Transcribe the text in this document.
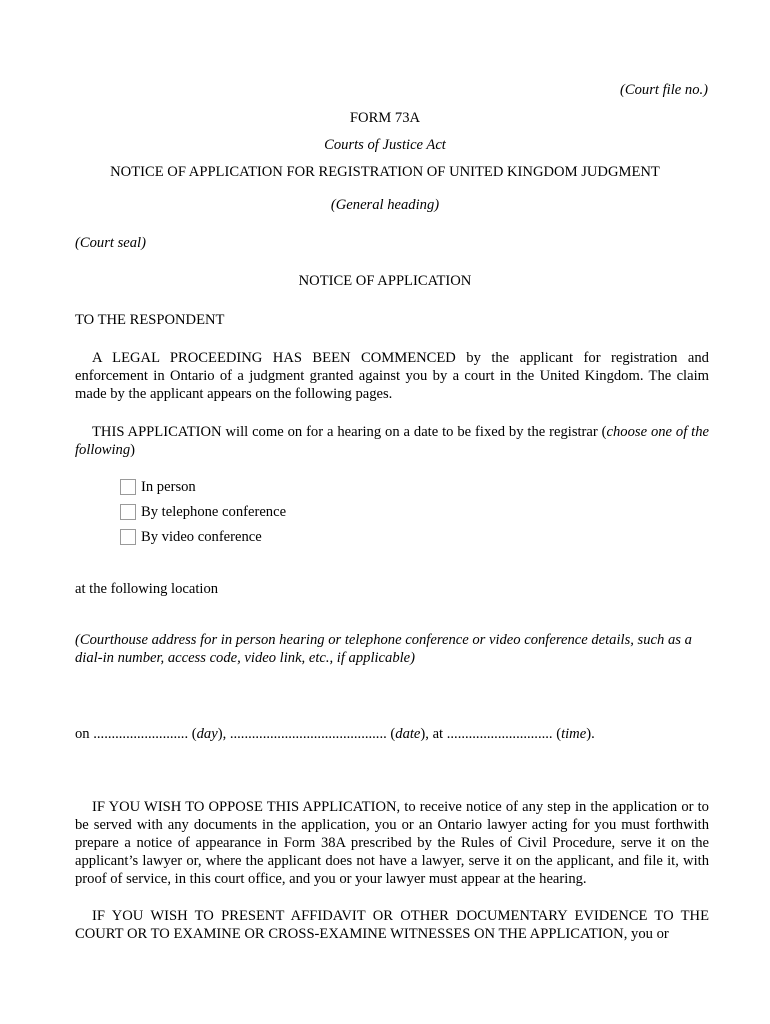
(Court file no.)

FORM 73A

Courts of Justice Act

NOTICE OF APPLICATION FOR REGISTRATION OF UNITED KINGDOM JUDGMENT

(General heading)

(Court seal)

NOTICE OF APPLICATION

TO THE RESPONDENT

A LEGAL PROCEEDING HAS BEEN COMMENCED by the applicant for registration and enforcement in Ontario of a judgment granted against you by a court in the United Kingdom. The claim made by the applicant appears on the following pages.

THIS APPLICATION will come on for a hearing on a date to be fixed by the registrar (choose one of the following)

In person
By telephone conference
By video conference

at the following location

(Courthouse address for in person hearing or telephone conference or video conference details, such as a dial-in number, access code, video link, etc., if applicable)

on .......................... (day), ........................................... (date), at ............................. (time).

IF YOU WISH TO OPPOSE THIS APPLICATION, to receive notice of any step in the application or to be served with any documents in the application, you or an Ontario lawyer acting for you must forthwith prepare a notice of appearance in Form 38A prescribed by the Rules of Civil Procedure, serve it on the applicant’s lawyer or, where the applicant does not have a lawyer, serve it on the applicant, and file it, with proof of service, in this court office, and you or your lawyer must appear at the hearing.

IF YOU WISH TO PRESENT AFFIDAVIT OR OTHER DOCUMENTARY EVIDENCE TO THE COURT OR TO EXAMINE OR CROSS-EXAMINE WITNESSES ON THE APPLICATION, you or
